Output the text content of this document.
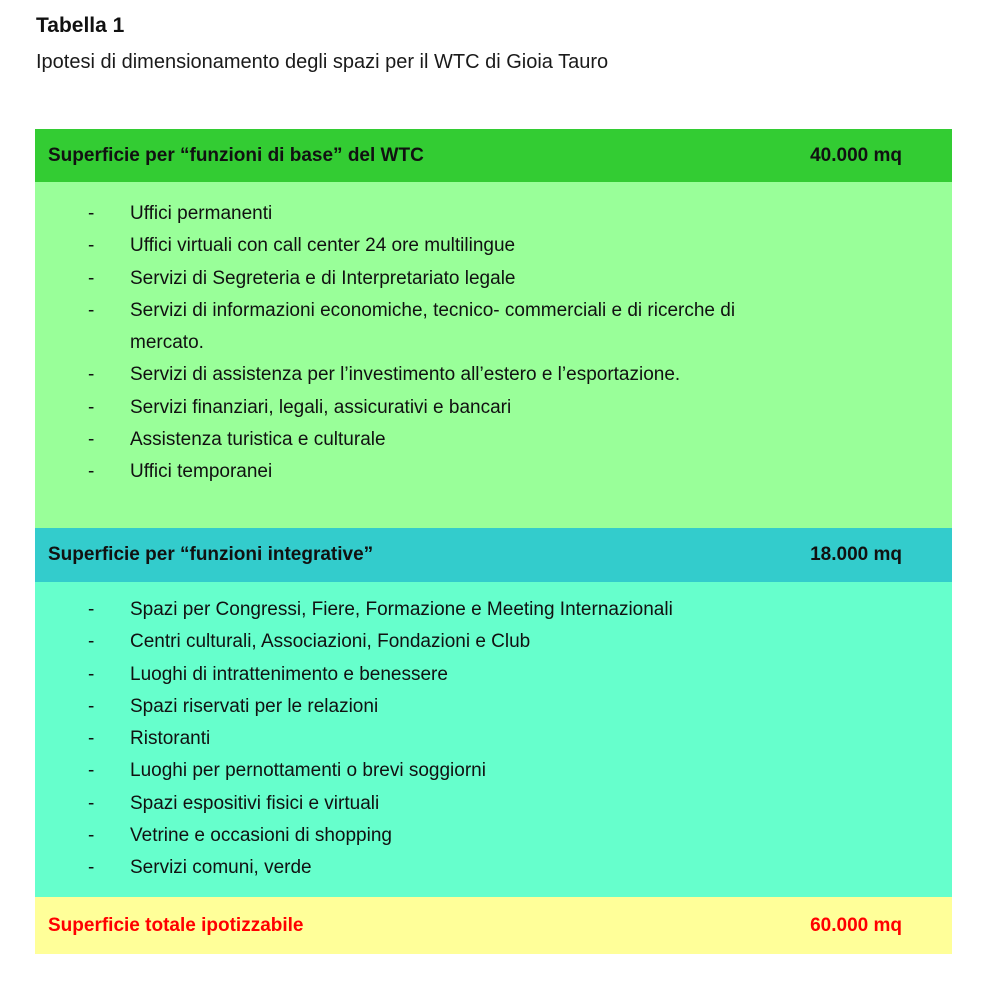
Tabella 1

Ipotesi di dimensionamento degli spazi per il WTC di Gioia Tauro

Superficie per “funzioni di base” del WTC	40.000 mq
- Uffici permanenti
- Uffici virtuali con call center 24 ore multilingue
- Servizi di Segreteria e di Interpretariato legale
- Servizi di informazioni economiche, tecnico- commerciali e di ricerche di mercato.
- Servizi di assistenza per l’investimento all’estero e l’esportazione.
- Servizi finanziari, legali, assicurativi e bancari
- Assistenza turistica e culturale
- Uffici temporanei
Superficie per “funzioni integrative”	18.000 mq
- Spazi per Congressi, Fiere, Formazione e Meeting Internazionali
- Centri culturali, Associazioni, Fondazioni e Club
- Luoghi di intrattenimento e benessere
- Spazi riservati per le relazioni
- Ristoranti
- Luoghi per pernottamenti o brevi soggiorni
- Spazi espositivi fisici e virtuali
- Vetrine e occasioni di shopping
- Servizi comuni, verde
Superficie totale ipotizzabile	60.000 mq
